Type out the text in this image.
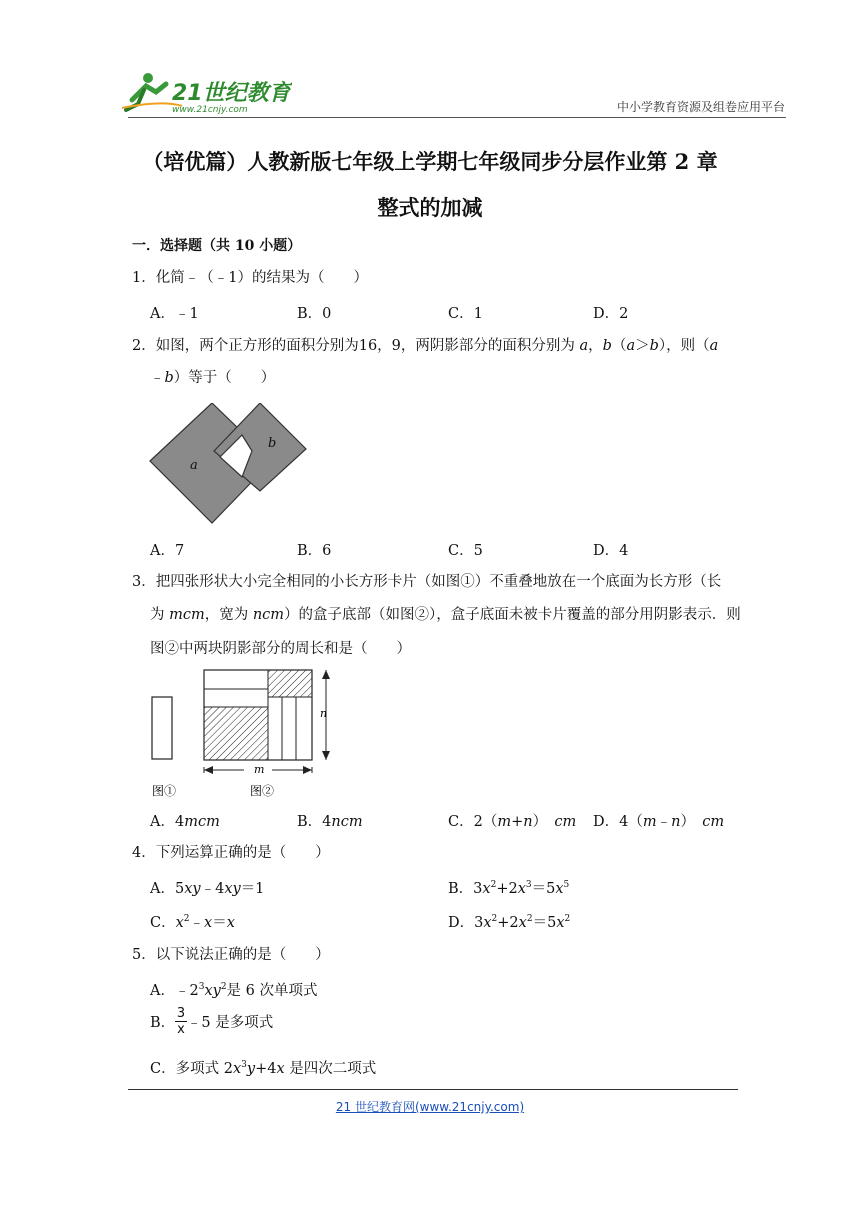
21世纪教育
www.21cnjy.com	中小学教育资源及组卷应用平台
（培优篇）人教新版七年级上学期七年级同步分层作业第 2 章
整式的加减
一．选择题（共 10 小题）
1．化简﹣（﹣1）的结果为（　　）
A．﹣1	B．0	C．1	D．2
2．如图，两个正方形的面积分别为16，9，两阴影部分的面积分别为 a，b（a＞b），则（a
﹣b）等于（　　）
a
b
A．7	B．6	C．5	D．4
3．把四张形状大小完全相同的小长方形卡片（如图①）不重叠地放在一个底面为长方形（长
为 mcm，宽为 ncm）的盒子底部（如图②），盒子底面未被卡片覆盖的部分用阴影表示．则
图②中两块阴影部分的周长和是（　　）
n
m
图①	图②
A．4mcm	B．4ncm	C．2（m+n）　cm D．4（m﹣n）　cm
4．下列运算正确的是（　　）
A．5xy﹣4xy＝1	B．$3x^2+2x^3=5x^5$
C．$x^2﹣x=x$	D．$3x^2+2x^2=5x^2$
5．以下说法正确的是（　　）
A．$﹣2^3xy^2$是 6 次单项式
B． $\frac{3}{x}$ ﹣5 是多项式
C．多项式 $2x^3y+4x$ 是四次二项式
21 世纪教育网(www.21cnjy.com)
